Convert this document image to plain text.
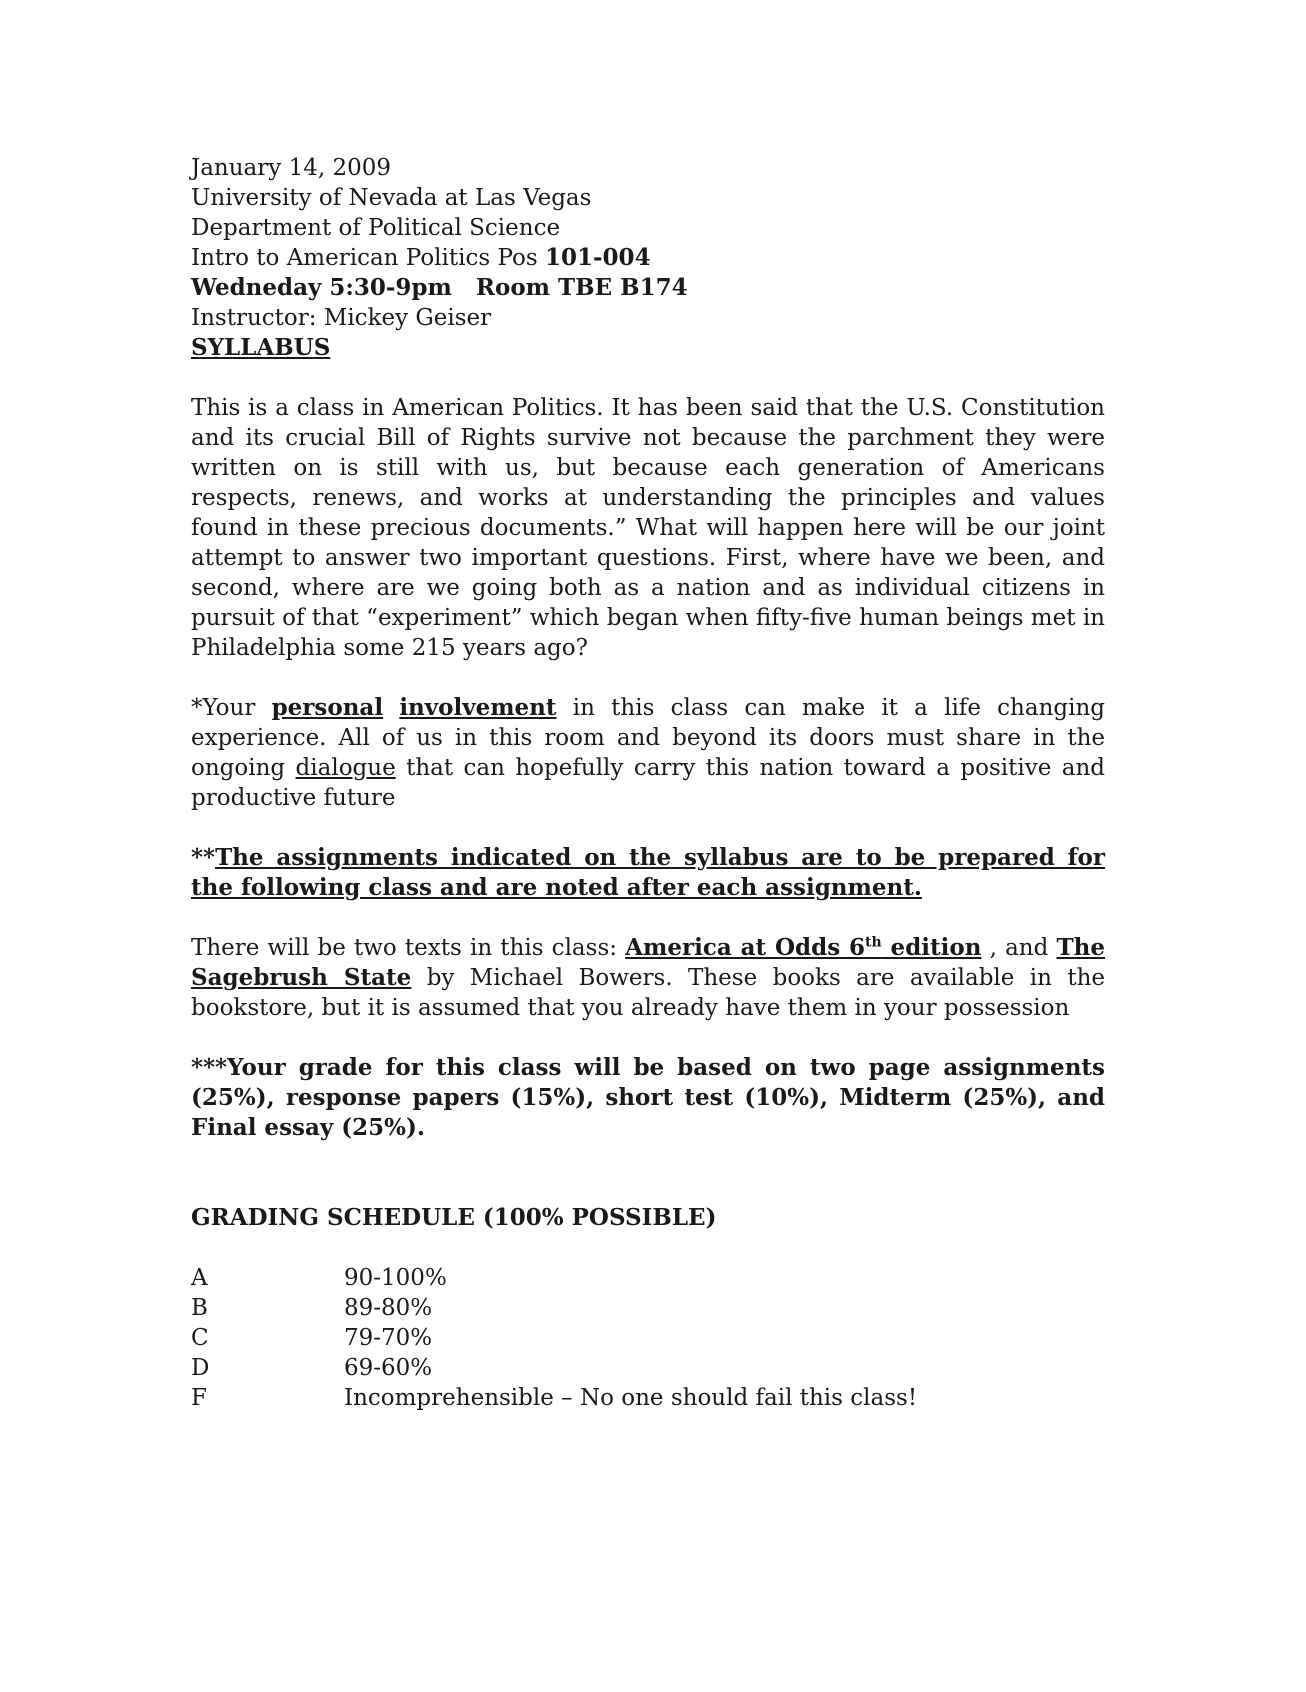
January 14, 2009
University of Nevada at Las Vegas
Department of Political Science
Intro to American Politics Pos 101-004
Wedneday 5:30-9pm Room TBE B174
Instructor: Mickey Geiser
SYLLABUS

This is a class in American Politics. It has been said that the U.S. Constitution and its crucial Bill of Rights survive not because the parchment they were written on is still with us, but because each generation of Americans respects, renews, and works at understanding the principles and values found in these precious documents.” What will happen here will be our joint attempt to answer two important questions. First, where have we been, and second, where are we going both as a nation and as individual citizens in pursuit of that “experiment” which began when fifty-five human beings met in Philadelphia some 215 years ago?

*Your personal involvement in this class can make it a life changing experience. All of us in this room and beyond its doors must share in the ongoing dialogue that can hopefully carry this nation toward a positive and productive future

**The assignments indicated on the syllabus are to be prepared for the following class and are noted after each assignment.

There will be two texts in this class: America at Odds 6th edition , and The Sagebrush State by Michael Bowers. These books are available in the bookstore, but it is assumed that you already have them in your possession

***Your grade for this class will be based on two page assignments (25%), response papers (15%), short test (10%), Midterm (25%), and Final essay (25%).

GRADING SCHEDULE (100% POSSIBLE)
A	90-100%
B	89-80%
C	79-70%
D	69-60%
F	Incomprehensible – No one should fail this class!
